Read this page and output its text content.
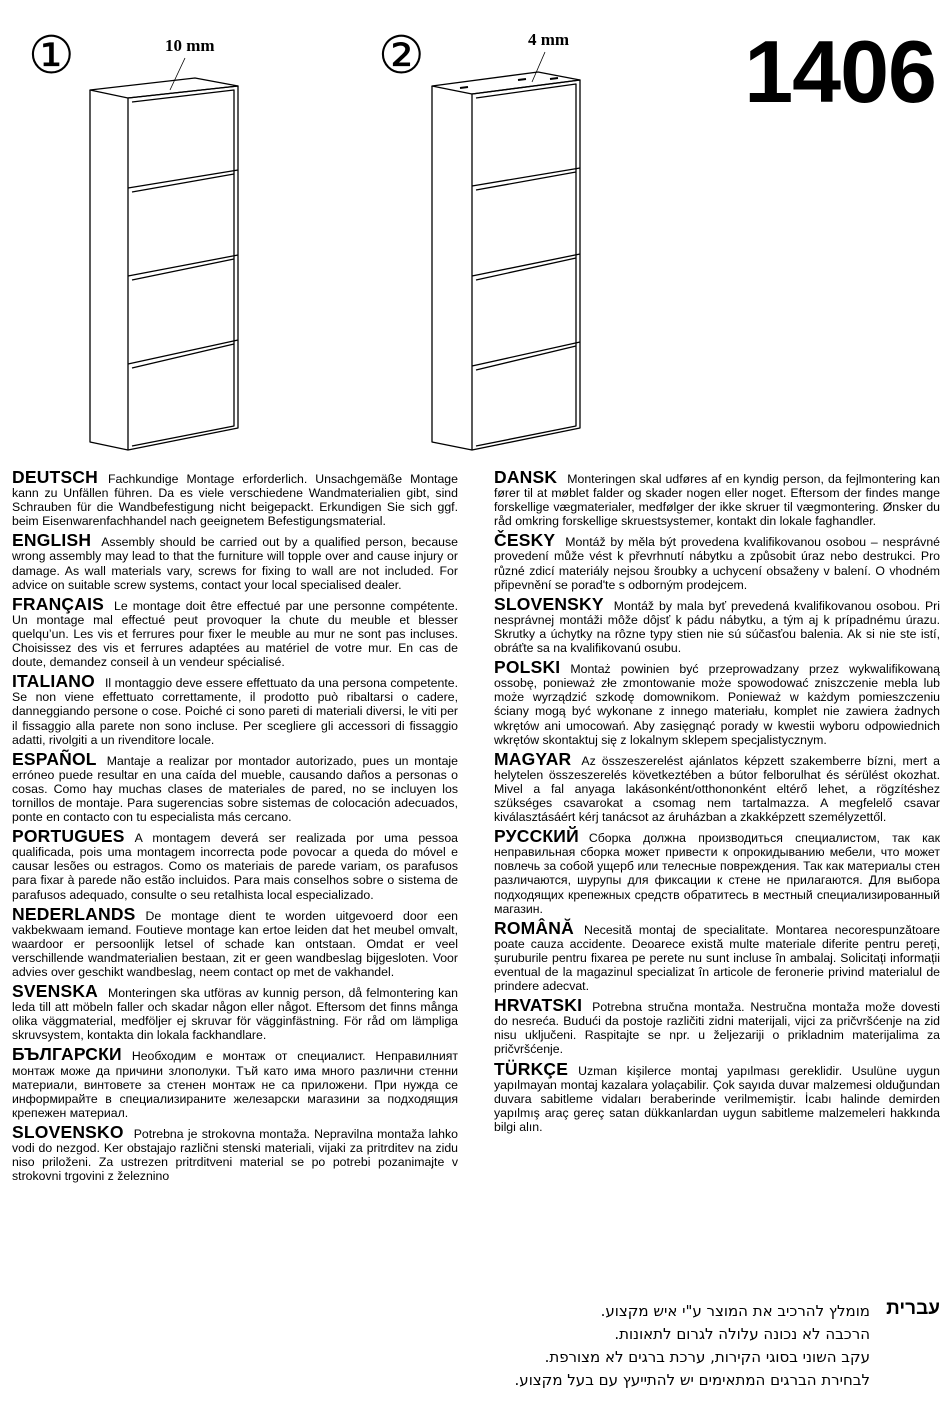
①	10 mm	②	4 mm 1406

DEUTSCH Fachkundige Montage erforderlich. Unsachgemäße Montage kann zu Unfällen führen. Da es viele verschiedene Wandmaterialien gibt, sind Schrauben für die Wandbefestigung nicht beigepackt. Erkundigen Sie sich ggf. beim Eisenwarenfachhandel nach geeignetem Befestigungsmaterial.

ENGLISH Assembly should be carried out by a qualified person, because wrong assembly may lead to that the furniture will topple over and cause injury or damage. As wall materials vary, screws for fixing to wall are not included. For advice on suitable screw systems, contact your local specialised dealer.

FRANÇAIS Le montage doit être effectué par une personne compétente. Un montage mal effectué peut provoquer la chute du meuble et blesser quelqu’un. Les vis et ferrures pour fixer le meuble au mur ne sont pas incluses. Choisissez des vis et ferrures adaptées au matériel de votre mur. En cas de doute, demandez conseil à un vendeur spécialisé.

ITALIANO Il montaggio deve essere effettuato da una persona competente. Se non viene effettuato correttamente, il prodotto può ribaltarsi o cadere, danneggiando persone o cose. Poiché ci sono pareti di materiali diversi, le viti per il fissaggio alla parete non sono incluse. Per scegliere gli accessori di fissaggio adatti, rivolgiti a un rivenditore locale.

ESPAÑOL Mantaje a realizar por montador autorizado, pues un montaje erróneo puede resultar en una caída del mueble, causando daños a personas o cosas. Como hay muchas clases de materiales de pared, no se incluyen los tornillos de montaje. Para sugerencias sobre sistemas de colocación adecuados, ponte en contacto con tu especialista más cercano.

PORTUGUES A montagem deverá ser realizada por uma pessoa qualificada, pois uma montagem incorrecta pode povocar a queda do móvel e causar lesões ou estragos. Como os materiais de parede variam, os parafusos para fixar à parede não estão incluidos. Para mais conselhos sobre o sistema de parafusos adequado, consulte o seu retalhista local especializado.

NEDERLANDS De montage dient te worden uitgevoerd door een vakbekwaam iemand. Foutieve montage kan ertoe leiden dat het meubel omvalt, waardoor er persoonlijk letsel of schade kan ontstaan. Omdat er veel verschillende wandmaterialien bestaan, zit er geen wandbeslag bijgesloten. Voor advies over geschikt wandbeslag, neem contact op met de vakhandel.

SVENSKA Monteringen ska utföras av kunnig person, då felmontering kan leda till att möbeln faller och skadar någon eller något. Eftersom det finns många olika väggmaterial, medföljer ej skruvar för vägginfästning. För råd om lämpliga skruvsystem, kontakta din lokala fackhandlare.

БЪЛГАРСКИ Необходим е монтаж от специалист. Неправилният монтаж може да причини злополуки. Тъй като има много различни стенни материали, винтовете за стенен монтаж не са приложени. При нужда се информирайте в специализираните железарски магазини за подходящия крепежен материал.

SLOVENSKO Potrebna je strokovna montaža. Nepravilna montaža lahko vodi do nezgod. Ker obstajajo različni stenski materiali, vijaki za pritrditev na zidu niso priloženi. Za ustrezen pritrditveni material se po potrebi pozanimajte v strokovni trgovini z železnino

DANSK Monteringen skal udføres af en kyndig person, da fejlmontering kan fører til at møblet falder og skader nogen eller noget. Eftersom der findes mange forskellige vægmaterialer, medfølger der ikke skruer til vægmontering. Ønsker du råd omkring forskellige skruestsystemer, kontakt din lokale faghandler.

ČESKY Montáž by měla být provedena kvalifikovanou osobou – nesprávné provedení může vést k převrhnutí nábytku a způsobit úraz nebo destrukci. Pro různé zdicí materiály nejsou šroubky a uchycení obsaženy v balení. O vhodném připevnění se porad'te s odborným prodejcem.

SLOVENSKY Montáž by mala byť prevedená kvalifikovanou osobou. Pri nesprávnej montáži môže dôjsť k pádu nábytku, a tým aj k prípadnému úrazu. Skrutky a úchytky na rôzne typy stien nie sú súčasťou balenia. Ak si nie ste istí, obráťte sa na kvalifikovanú osubu.

POLSKI Montaż powinien być przeprowadzany przez wykwalifikowaną ossobę, ponieważ złe zmontowanie może spowodować zniszczenie mebla lub może wyrządzić szkodę domownikom. Ponieważ w każdym pomieszczeniu ściany mogą być wykonane z innego materiału, komplet nie zawiera żadnych wkrętów ani umocowań. Aby zasięgnąć porady w kwestii wyboru odpowiednich wkrętów skontaktuj się z lokalnym sklepem specjalistycznym.

MAGYAR Az összeszerelést ajánlatos képzett szakemberre bízni, mert a helytelen összeszerelés következtében a bútor felborulhat és sérülést okozhat. Mivel a fal anyaga lakásonként/otthononként eltérő lehet, a rögzítéshez szükséges csavarokat a csomag nem tartalmazza. A megfelelő csavar kiválasztásáért kérj tanácsot az áruházban a zkakképzett személyzettől.

РУССКИЙ Сборка должна производиться специалистом, так как неправильная сборка может привести к опрокидыванию мебели, что может повлечь за собой ущерб или телесные повреждения. Так как материалы стен различаются, шурупы для фиксации к стене не прилагаются. Для выбора подходящих крепежных средств обратитесь в местный специализированный магазин.

ROMÂNĂ Necesită montaj de specialitate. Montarea necorespunzătoare poate cauza accidente. Deoarece există multe materiale diferite pentru pereți, șuruburile pentru fixarea pe perete nu sunt incluse în ambalaj. Solicitați informații eventual de la magazinul specializat în articole de feronerie privind materialul de prindere adecvat.

HRVATSKI Potrebna stručna montaža. Nestručna montaža može dovesti do nesreća. Budući da postoje različiti zidni materijali, vijci za pričvršćenje na zid nisu uključeni. Raspitajte se npr. u željezariji o prikladnim materijalima za pričvršćenje.

TÜRKÇE Uzman kişilerce montaj yapılması gereklidir. Usulüne uygun yapılmayan montaj kazalara yolaçabilir. Çok sayıda duvar malzemesi olduğundan duvara sabitleme vidaları beraberinde verilmemiştir. İcabı halinde demirden yapılmış araç gereç satan dükkanlardan uygun sabitleme malzemeleri hakkında bilgi alın.

עברית
מומלץ להרכיב את המוצר ע"י איש מקצוע.
הרכבה לא נכונה עלולה לגרום לתאונות.
עקב השוני בסוגי הקירות, ערכת ברגים לא מצורפת.
לבחירת הברגים המתאימים יש להתייעץ עם בעל מקצוע.
